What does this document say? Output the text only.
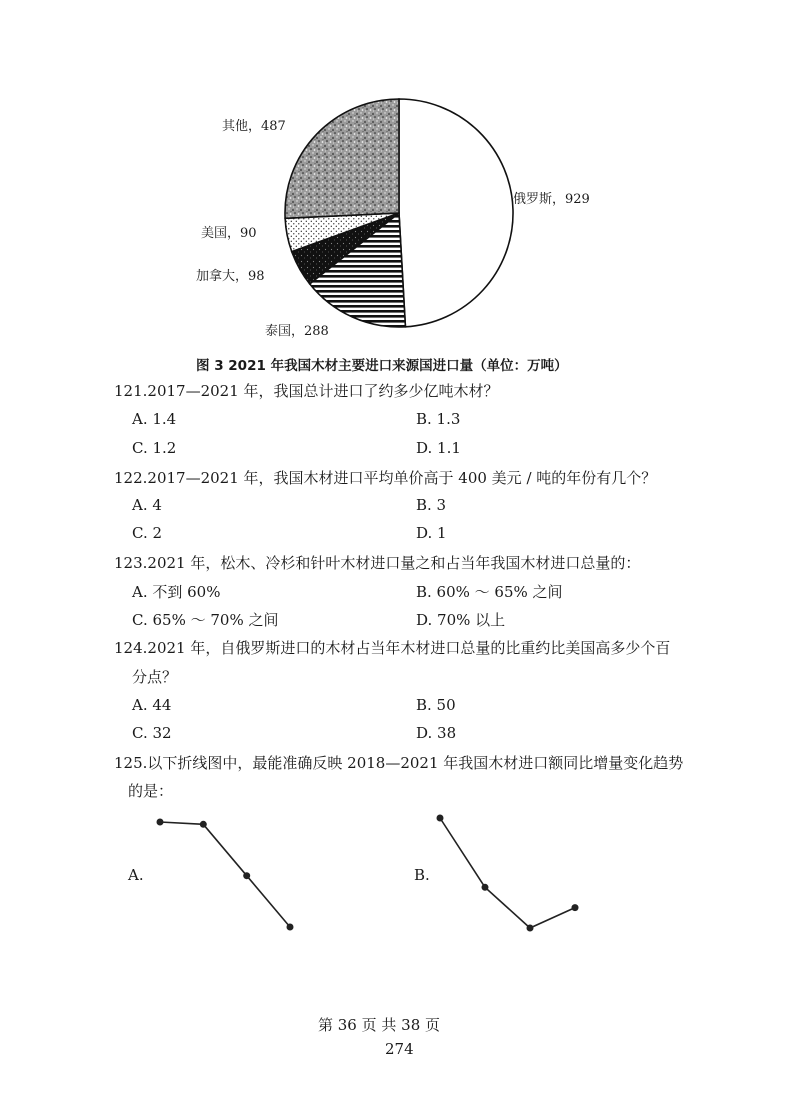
俄罗斯，929
泰国，288
加拿大，98
美国，90
其他，487
图 3 2021 年我国木材主要进口来源国进口量（单位：万吨）
121.2017—2021 年，我国总计进口了约多少亿吨木材？
A. 1.4	B. 1.3
C. 1.2	D. 1.1
122.2017—2021 年，我国木材进口平均单价高于 400 美元 / 吨的年份有几个？
A. 4	B. 3
C. 2	D. 1
123.2021 年，松木、冷杉和针叶木材进口量之和占当年我国木材进口总量的：
A. 不到 60%	B. 60% ～ 65% 之间
C. 65% ～ 70% 之间	D. 70% 以上
124.2021 年，自俄罗斯进口的木材占当年木材进口总量的比重约比美国高多少个百
分点？
A. 44	B. 50
C. 32	D. 38
125.以下折线图中，最能准确反映 2018—2021 年我国木材进口额同比增量变化趋势
的是：
A.	B.
第 36 页 共 38 页
274
